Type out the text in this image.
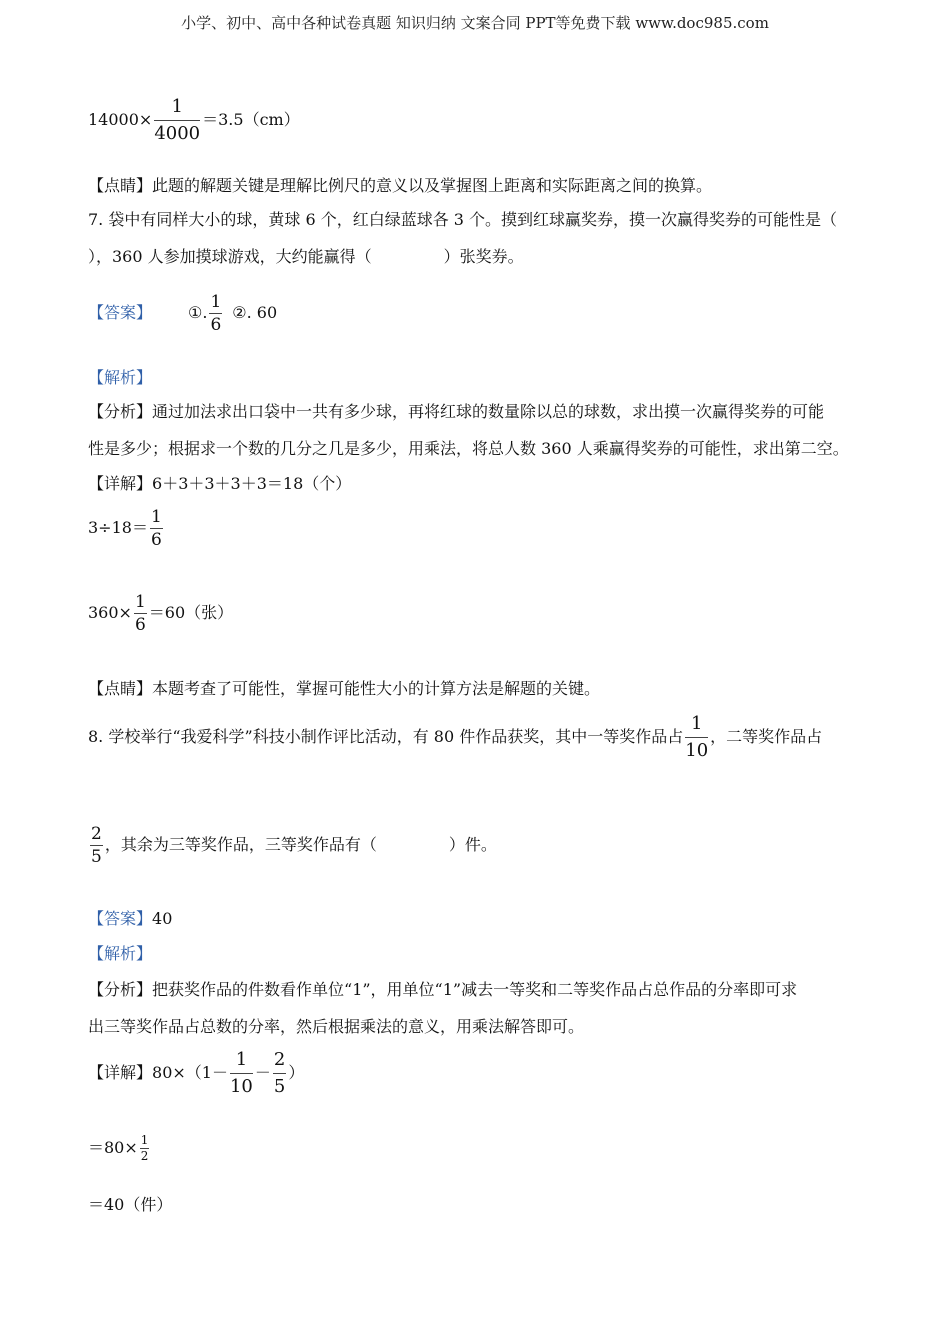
小学、初中、高中各种试卷真题 知识归纳 文案合同 PPT等免费下载 www.doc985.com
$14000\times \frac{1}{4000} =3.5(cm)$
【点睛】此题的解题关键是理解比例尺的意义以及掌握图上距离和实际距离之间的换算。
7. 袋中有同样大小的球，黄球 6 个，红白绿蓝球各 3 个。摸到红球赢奖券，摸一次赢得奖券的可能性是（
），360 人参加摸球游戏，大约能赢得（	）张奖券。
【答案】 ①. $\frac{1}{6}$ ②. 60
【解析】
【分析】通过加法求出口袋中一共有多少球，再将红球的数量除以总的球数，求出摸一次赢得奖券的可能
性是多少；根据求一个数的几分之几是多少，用乘法，将总人数 360 人乘赢得奖券的可能性，求出第二空。
【详解】6＋3＋3＋3＋3＝18（个）
$3\div 18= \frac{1}{6}$
$360\times \frac{1}{6} =60$（张）
【点睛】本题考查了可能性，掌握可能性大小的计算方法是解题的关键。
8. 学校举行“我爱科学”科技小制作评比活动，有 80 件作品获奖，其中一等奖作品占 $\frac{1}{10}$ ，二等奖作品占
$\frac{2}{5}$ ，其余为三等奖作品，三等奖作品有（	）件。
【答案】40
【解析】
【分析】把获奖作品的件数看作单位“1”，用单位“1”减去一等奖和二等奖作品占总作品的分率即可求
出三等奖作品占总数的分率，然后根据乘法的意义，用乘法解答即可。
【详解】$80\times(1- \frac{1}{10} - \frac{2}{5}$ ）
$=80\times \frac{1}{2}$
＝40（件）
